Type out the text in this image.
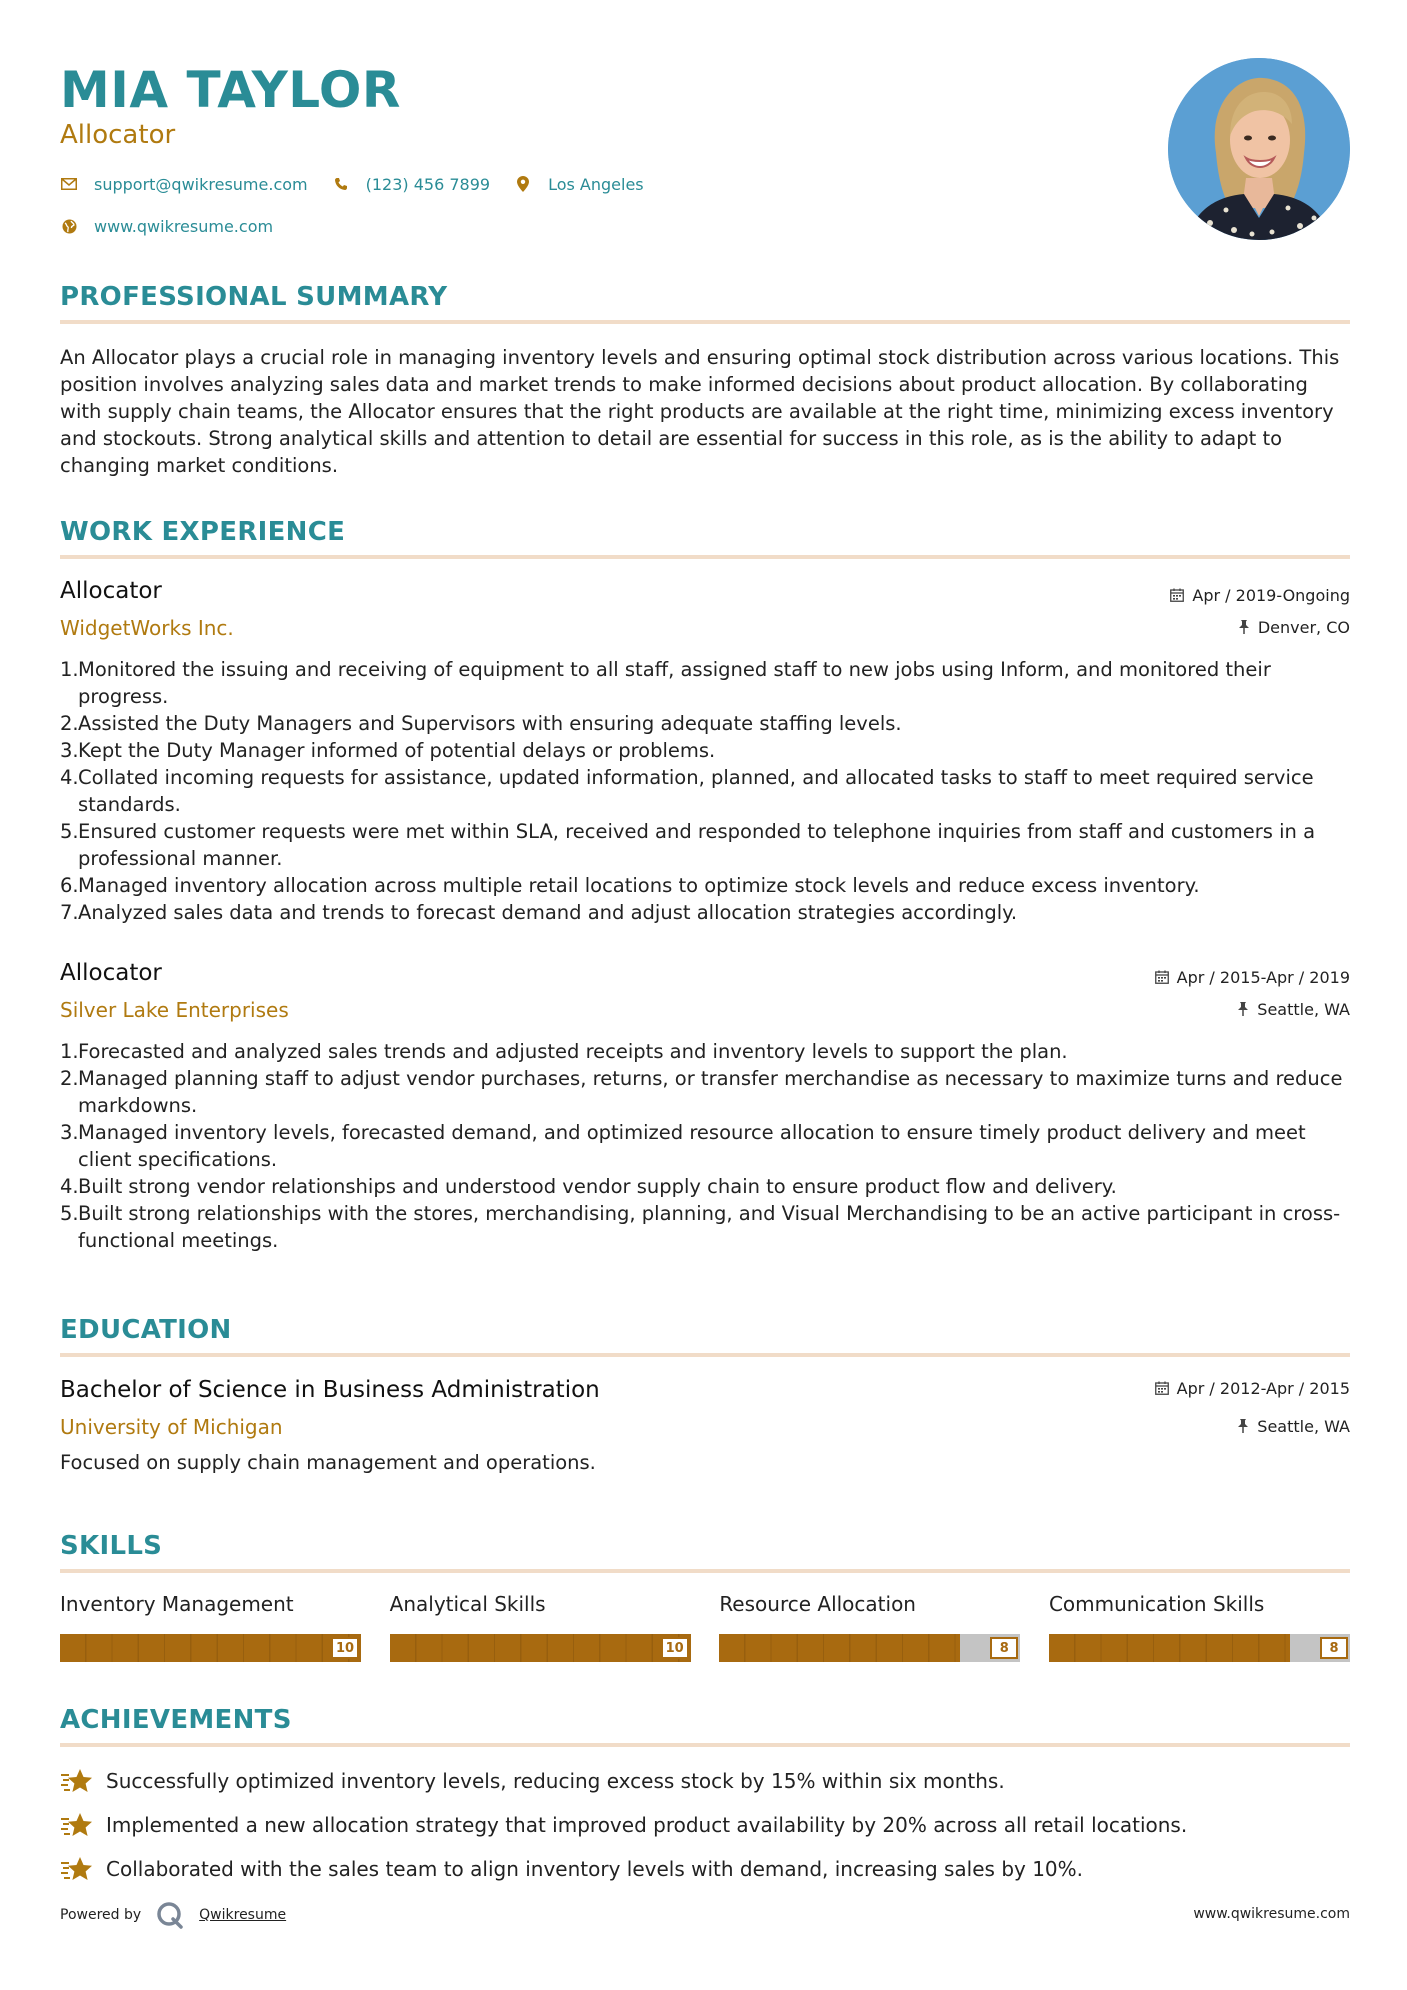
MIA TAYLOR
Allocator
support@qwikresume.com	(123) 456 7899	Los Angeles
www.qwikresume.com
PROFESSIONAL SUMMARY
An Allocator plays a crucial role in managing inventory levels and ensuring optimal stock distribution across various locations. This position involves analyzing sales data and market trends to make informed decisions about product allocation. By collaborating with supply chain teams, the Allocator ensures that the right products are available at the right time, minimizing excess inventory and stockouts. Strong analytical skills and attention to detail are essential for success in this role, as is the ability to adapt to changing market conditions.
WORK EXPERIENCE
Allocator
WidgetWorks Inc.
Apr / 2019-Ongoing
Denver, CO
1. Monitored the issuing and receiving of equipment to all staff, assigned staff to new jobs using Inform, and monitored their progress.
2. Assisted the Duty Managers and Supervisors with ensuring adequate staffing levels.
3. Kept the Duty Manager informed of potential delays or problems.
4. Collated incoming requests for assistance, updated information, planned, and allocated tasks to staff to meet required service standards.
5. Ensured customer requests were met within SLA, received and responded to telephone inquiries from staff and customers in a professional manner.
6. Managed inventory allocation across multiple retail locations to optimize stock levels and reduce excess inventory.
7. Analyzed sales data and trends to forecast demand and adjust allocation strategies accordingly.
Allocator
Silver Lake Enterprises
Apr / 2015-Apr / 2019
Seattle, WA
1. Forecasted and analyzed sales trends and adjusted receipts and inventory levels to support the plan.
2. Managed planning staff to adjust vendor purchases, returns, or transfer merchandise as necessary to maximize turns and reduce markdowns.
3. Managed inventory levels, forecasted demand, and optimized resource allocation to ensure timely product delivery and meet client specifications.
4. Built strong vendor relationships and understood vendor supply chain to ensure product flow and delivery.
5. Built strong relationships with the stores, merchandising, planning, and Visual Merchandising to be an active participant in cross-functional meetings.
EDUCATION
Bachelor of Science in Business Administration
University of Michigan
Apr / 2012-Apr / 2015
Seattle, WA
Focused on supply chain management and operations.
SKILLS
Inventory Management
10
Analytical Skills
10
Resource Allocation
8
Communication Skills
8
ACHIEVEMENTS
Successfully optimized inventory levels, reducing excess stock by 15% within six months.
Implemented a new allocation strategy that improved product availability by 20% across all retail locations.
Collaborated with the sales team to align inventory levels with demand, increasing sales by 10%.
Powered by	Qwikresume	www.qwikresume.com
